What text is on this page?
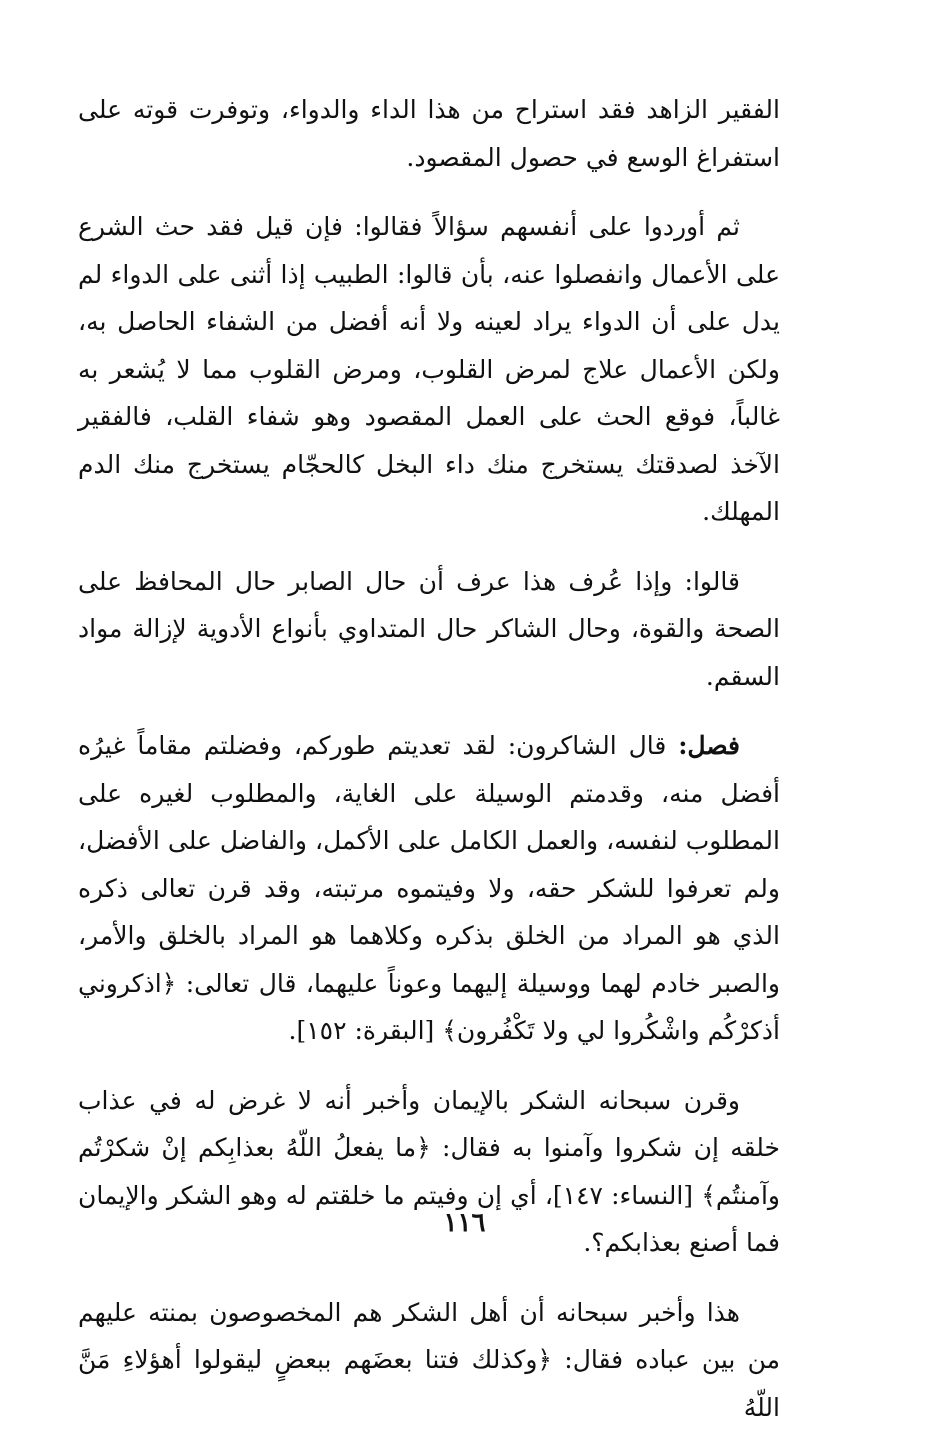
الفقير الزاهد فقد استراح من هذا الداء والدواء، وتوفرت قوته على استفراغ الوسع في حصول المقصود.

ثم أوردوا على أنفسهم سؤالاً فقالوا: فإن قيل فقد حث الشرع على الأعمال وانفصلوا عنه، بأن قالوا: الطبيب إذا أثنى على الدواء لم يدل على أن الدواء يراد لعينه ولا أنه أفضل من الشفاء الحاصل به، ولكن الأعمال علاج لمرض القلوب، ومرض القلوب مما لا يُشعر به غالباً، فوقع الحث على العمل المقصود وهو شفاء القلب، فالفقير الآخذ لصدقتك يستخرج منك داء البخل كالحجّام يستخرج منك الدم المهلك.

قالوا: وإذا عُرف هذا عرف أن حال الصابر حال المحافظ على الصحة والقوة، وحال الشاكر حال المتداوي بأنواع الأدوية لإزالة مواد السقم.

فصل: قال الشاكرون: لقد تعديتم طوركم، وفضلتم مقاماً غيرُه أفضل منه، وقدمتم الوسيلة على الغاية، والمطلوب لغيره على المطلوب لنفسه، والعمل الكامل على الأكمل، والفاضل على الأفضل، ولم تعرفوا للشكر حقه، ولا وفيتموه مرتبته، وقد قرن تعالى ذكره الذي هو المراد من الخلق بذكره وكلاهما هو المراد بالخلق والأمر، والصبر خادم لهما ووسيلة إليهما وعوناً عليهما، قال تعالى: ﴿اذكروني أذكرْكُم واشْكُروا لي ولا تَكْفُرون﴾ [البقرة: ١٥٢].

وقرن سبحانه الشكر بالإيمان وأخبر أنه لا غرض له في عذاب خلقه إن شكروا وآمنوا به فقال: ﴿ما يفعلُ اللّهُ بعذابِكم إنْ شكرْتُم وآمنتُم﴾ [النساء: ١٤٧]، أي إن وفيتم ما خلقتم له وهو الشكر والإيمان فما أصنع بعذابكم؟.

هذا وأخبر سبحانه أن أهل الشكر هم المخصوصون بمنته عليهم من بين عباده فقال: ﴿وكذلك فتنا بعضَهم ببعضٍ ليقولوا أهؤلاءِ مَنَّ اللّهُ

١١٦
